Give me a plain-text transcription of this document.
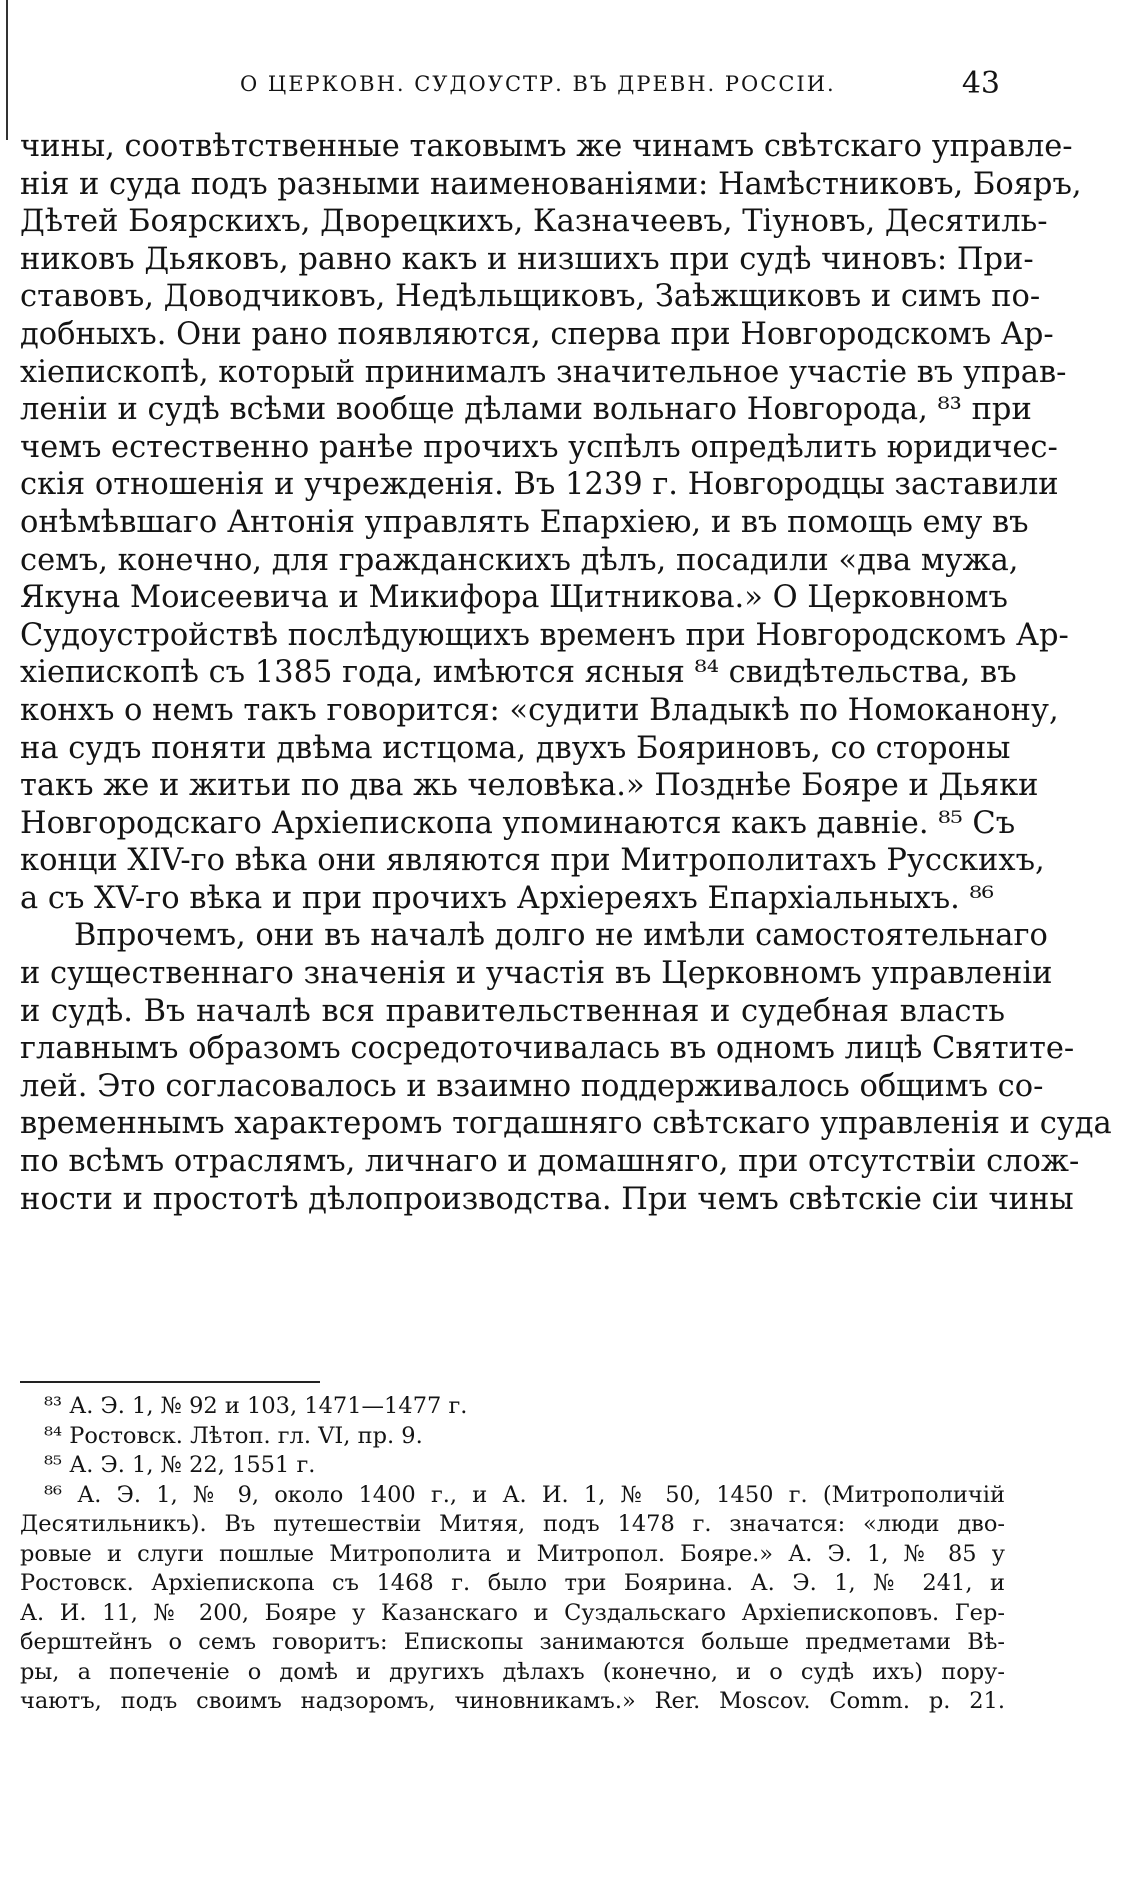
О ЦЕРКОВН. СУДОУСТР. ВЪ ДРЕВН. РОССІИ.	43
чины, соотвѣтственные таковымъ же чинамъ свѣтскаго управле-
нія и суда подъ разными наименованіями: Намѣстниковъ, Бояръ,
Дѣтей Боярскихъ, Дворецкихъ, Казначеевъ, Тіуновъ, Десятиль-
никовъ Дьяковъ, равно какъ и низшихъ при судѣ чиновъ: При-
ставовъ, Доводчиковъ, Недѣльщиковъ, Заѣжщиковъ и симъ по-
добныхъ. Они рано появляются, сперва при Новгородскомъ Ар-
хіепископѣ, который принималъ значительное участіе въ управ-
леніи и судѣ всѣми вообще дѣлами вольнаго Новгорода, ⁸³ при
чемъ естественно ранѣе прочихъ успѣлъ опредѣлить юридичес-
скія отношенія и учрежденія. Въ 1239 г. Новгородцы заставили
онѣмѣвшаго Антонія управлять Епархіею, и въ помощь ему въ
семъ, конечно, для гражданскихъ дѣлъ, посадили «два мужа,
Якуна Моисеевича и Микифора Щитникова.» О Церковномъ
Судоустройствѣ послѣдующихъ временъ при Новгородскомъ Ар-
хіепископѣ съ 1385 года, имѣются ясныя ⁸⁴ свидѣтельства, въ
конхъ о немъ такъ говорится: «судити Владыкѣ по Номоканону,
на судъ поняти двѣма истцома, двухъ Бояриновъ, со стороны
такъ же и житьи по два жь человѣка.» Позднѣе Бояре и Дьяки
Новгородскаго Архіепископа упоминаются какъ давніе. ⁸⁵ Съ
конци XIV-го вѣка они являются при Митрополитахъ Русскихъ,
а съ XV-го вѣка и при прочихъ Архіереяхъ Епархіальныхъ. ⁸⁶
Впрочемъ, они въ началѣ долго не имѣли самостоятельнаго
и существеннаго значенія и участія въ Церковномъ управленіи
и судѣ. Въ началѣ вся правительственная и судебная власть
главнымъ образомъ сосредоточивалась въ одномъ лицѣ Святите-
лей. Это согласовалось и взаимно поддерживалось общимъ со-
временнымъ характеромъ тогдашняго свѣтскаго управленія и суда
по всѣмъ отраслямъ, личнаго и домашняго, при отсутствіи слож-
ности и простотѣ дѣлопроизводства. При чемъ свѣтскіе сіи чины
⁸³ А. Э. 1, № 92 и 103, 1471—1477 г.
⁸⁴ Ростовск. Лѣтоп. гл. VI, пр. 9.
⁸⁵ А. Э. 1, № 22, 1551 г.
⁸⁶ А. Э. 1, № 9, около 1400 г., и А. И. 1, № 50, 1450 г. (Митрополичій
Десятильникъ). Въ путешествіи Митяя, подъ 1478 г. значатся: «люди дво-
ровые и слуги пошлые Митрополита и Митропол. Бояре.» А. Э. 1, № 85 у
Ростовск. Архіепископа съ 1468 г. было три Боярина. А. Э. 1, № 241, и
А. И. 11, № 200, Бояре у Казанскаго и Суздальскаго Архіепископовъ. Гер-
берштейнъ о семъ говоритъ: Епископы занимаются больше предметами Вѣ-
ры, а попеченіе о домѣ и другихъ дѣлахъ (конечно, и о судѣ ихъ) пору-
чаютъ, подъ своимъ надзоромъ, чиновникамъ.» Rer. Moscov. Comm. p. 21.
